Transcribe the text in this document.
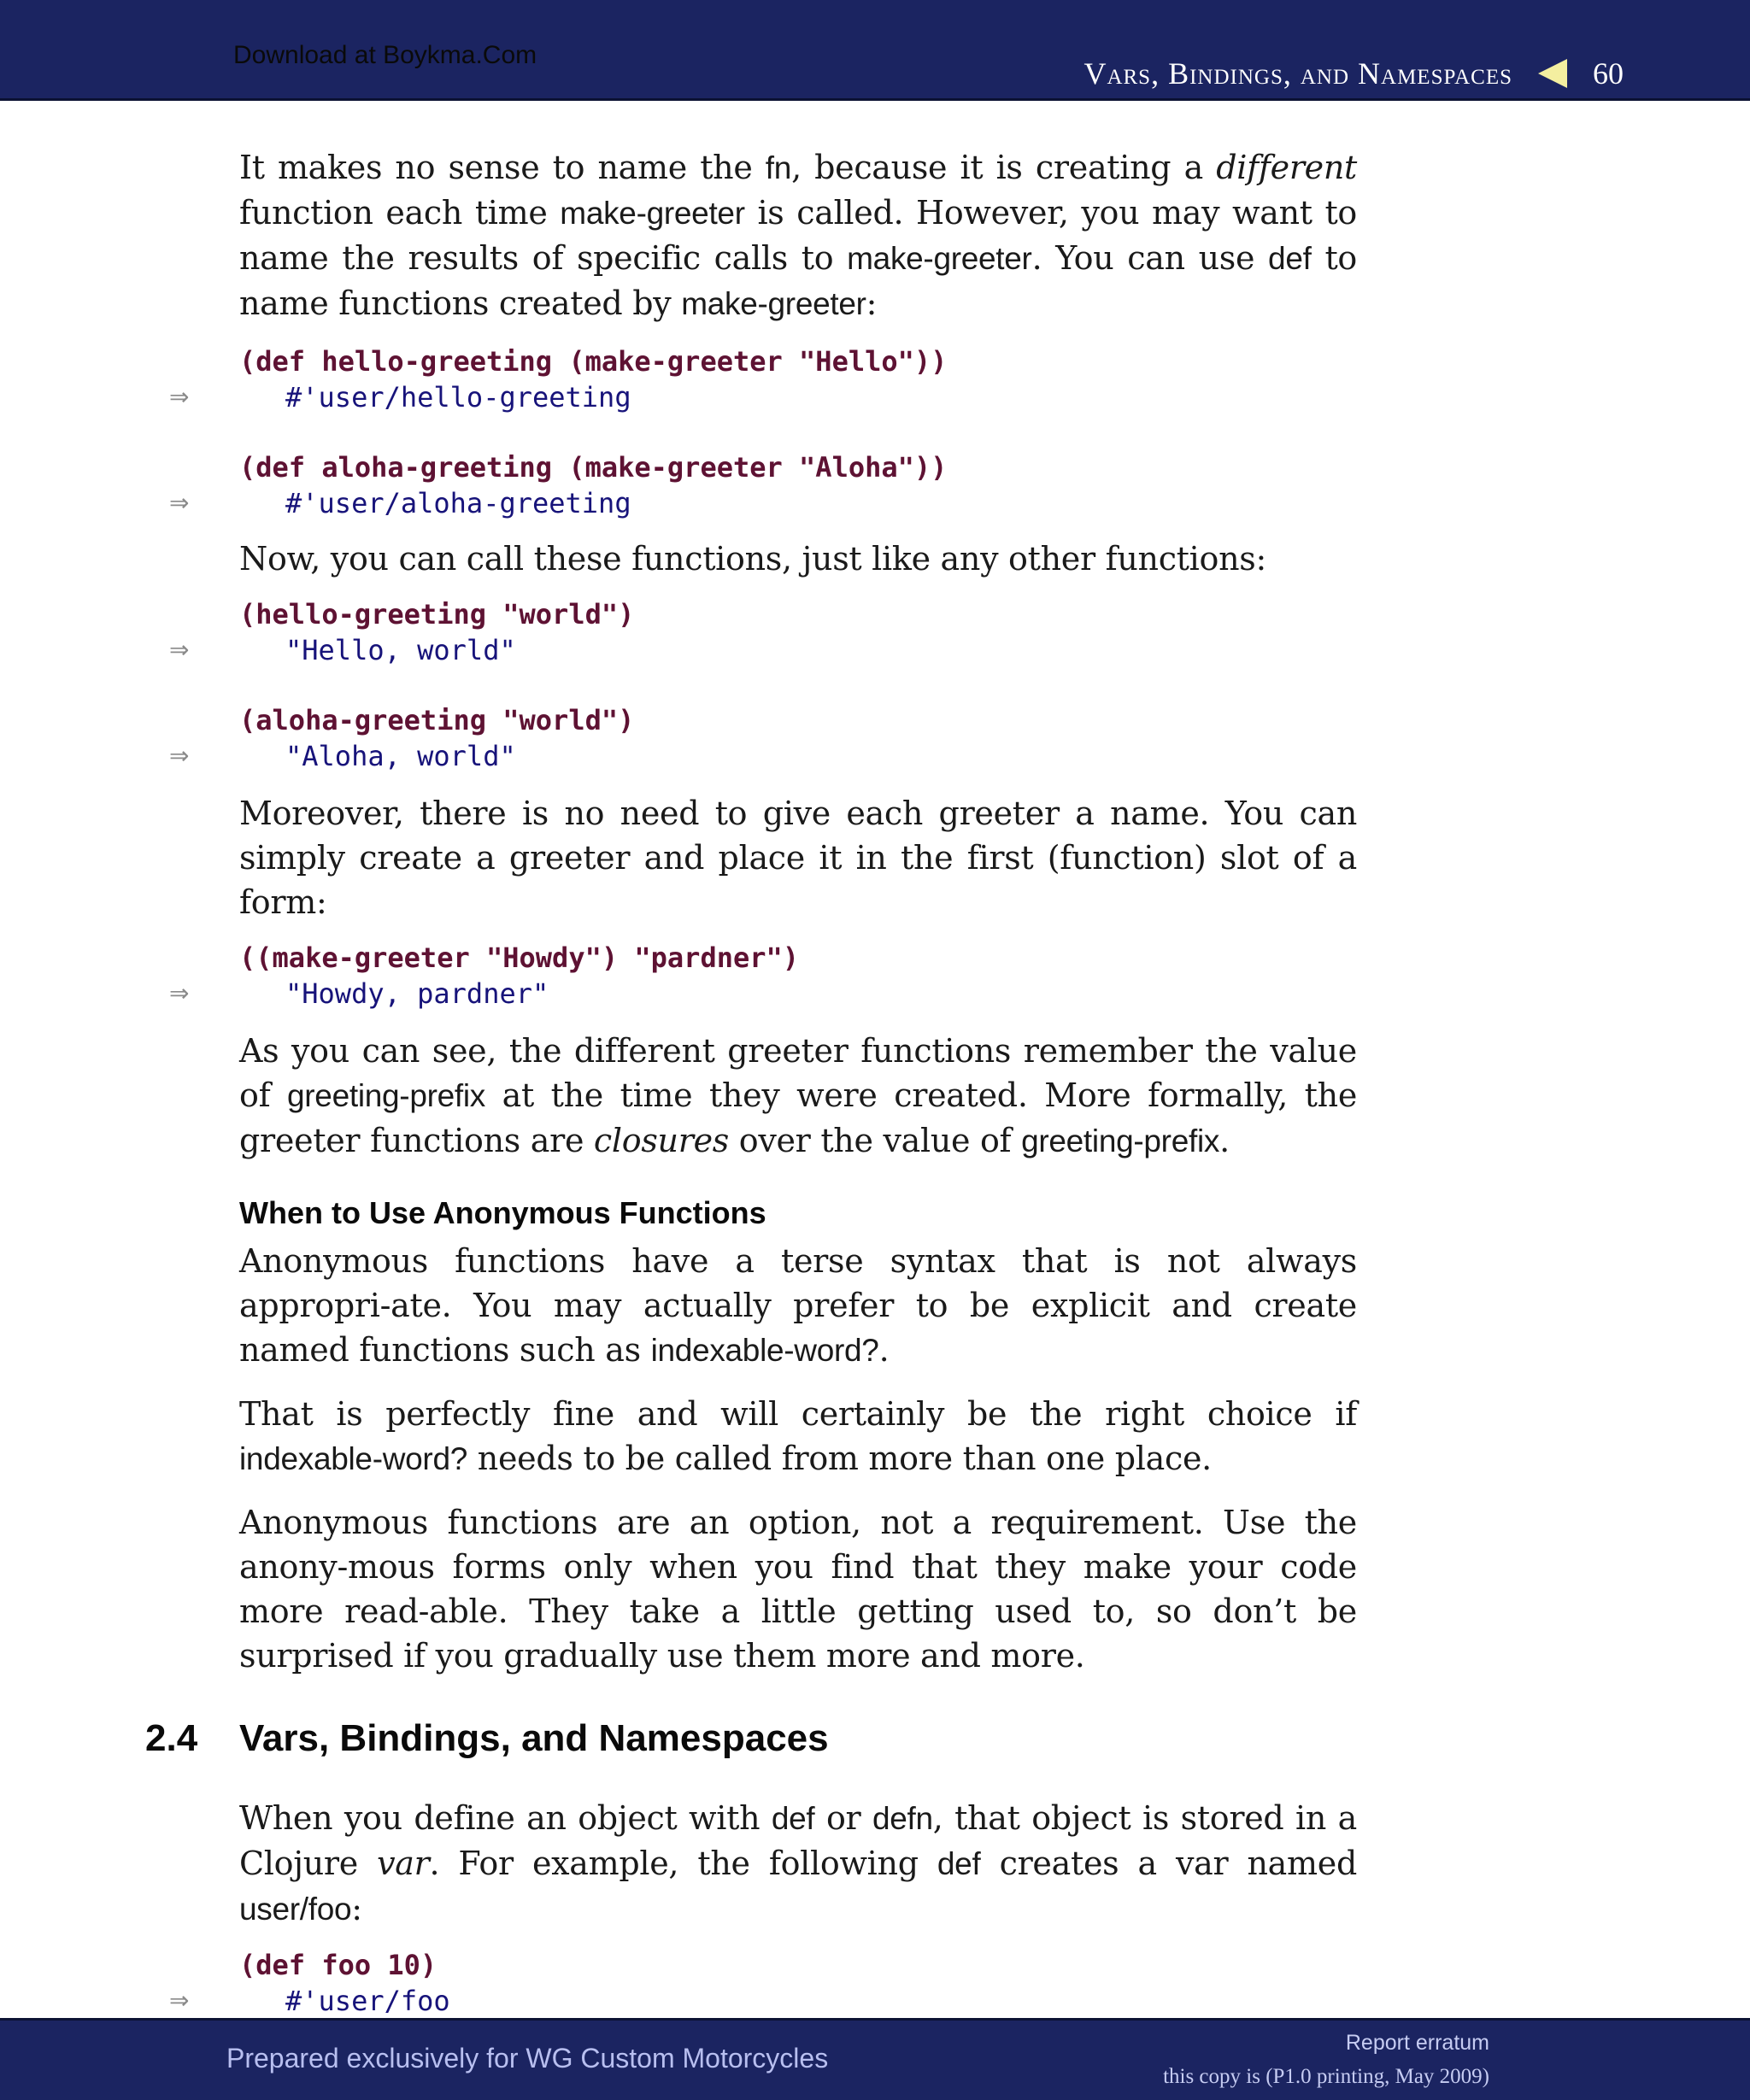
Download at Boykma.Com
Vars, Bindings, and Namespaces	60

It makes no sense to name the fn, because it is creating a different function each time make-greeter is called. However, you may want to name the results of specific calls to make-greeter. You can use def to name functions created by make-greeter:

(def hello-greeting (make-greeter "Hello"))
⇒	#'user/hello-greeting
(def aloha-greeting (make-greeter "Aloha"))
⇒	#'user/aloha-greeting

Now, you can call these functions, just like any other functions:

(hello-greeting "world")
⇒	"Hello, world"
(aloha-greeting "world")
⇒	"Aloha, world"

Moreover, there is no need to give each greeter a name. You can simply create a greeter and place it in the first (function) slot of a form:

((make-greeter "Howdy") "pardner")
⇒	"Howdy, pardner"

As you can see, the different greeter functions remember the value of greeting-prefix at the time they were created. More formally, the greeter functions are closures over the value of greeting-prefix.

When to Use Anonymous Functions

Anonymous functions have a terse syntax that is not always appropri-ate. You may actually prefer to be explicit and create named functions such as indexable-word?.

That is perfectly fine and will certainly be the right choice if indexable-word? needs to be called from more than one place.

Anonymous functions are an option, not a requirement. Use the anony-mous forms only when you find that they make your code more read-able. They take a little getting used to, so don’t be surprised if you gradually use them more and more.

2.4 Vars, Bindings, and Namespaces

When you define an object with def or defn, that object is stored in a Clojure var. For example, the following def creates a var named user/foo:

(def foo 10)
⇒	#'user/foo
Prepared exclusively for WG Custom Motorcycles	Report erratum
this copy is (P1.0 printing, May 2009)
